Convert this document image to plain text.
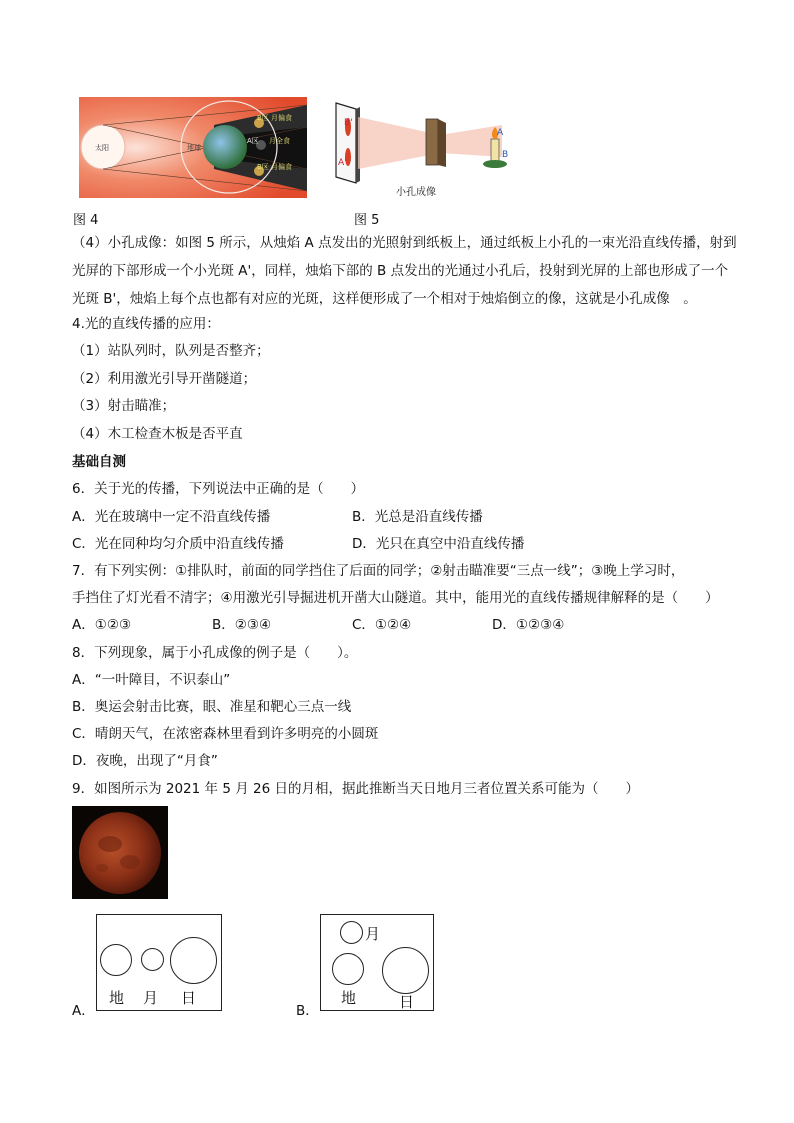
太阳	地球
B区 月偏食
A区 月全食
B区 月偏食
B'
A'
A
B
小孔成像
图 4	图 5
（4）小孔成像：如图 5 所示，从烛焰 A 点发出的光照射到纸板上，通过纸板上小孔的一束光沿直线传播，射到
光屏的下部形成一个小光斑 A'，同样，烛焰下部的 B 点发出的光通过小孔后，投射到光屏的上部也形成了一个
光斑 B'，烛焰上每个点也都有对应的光斑，这样便形成了一个相对于烛焰倒立的像，这就是小孔成像　。
4.光的直线传播的应用：
（1）站队列时，队列是否整齐；
（2）利用激光引导开凿隧道；
（3）射击瞄准；
（4）木工检查木板是否平直
基础自测
6．关于光的传播，下列说法中正确的是（　　）
A．光在玻璃中一定不沿直线传播	B．光总是沿直线传播
C．光在同种均匀介质中沿直线传播	D．光只在真空中沿直线传播
7．有下列实例：①排队时，前面的同学挡住了后面的同学；②射击瞄准要“三点一线”；③晚上学习时，
手挡住了灯光看不清字；④用激光引导掘进机开凿大山隧道。其中，能用光的直线传播规律解释的是（　　）
A．①②③	B．②③④	C．①②④	D．①②③④
8．下列现象，属于小孔成像的例子是（　　）。
A．“一叶障目，不识泰山”
B．奥运会射击比赛，眼、准星和靶心三点一线
C．晴朗天气，在浓密森林里看到许多明亮的小圆斑
D．夜晚，出现了“月食”
9．如图所示为 2021 年 5 月 26 日的月相，据此推断当天日地月三者位置关系可能为（　　）
A．
地 月 日
B．
月
地	日
